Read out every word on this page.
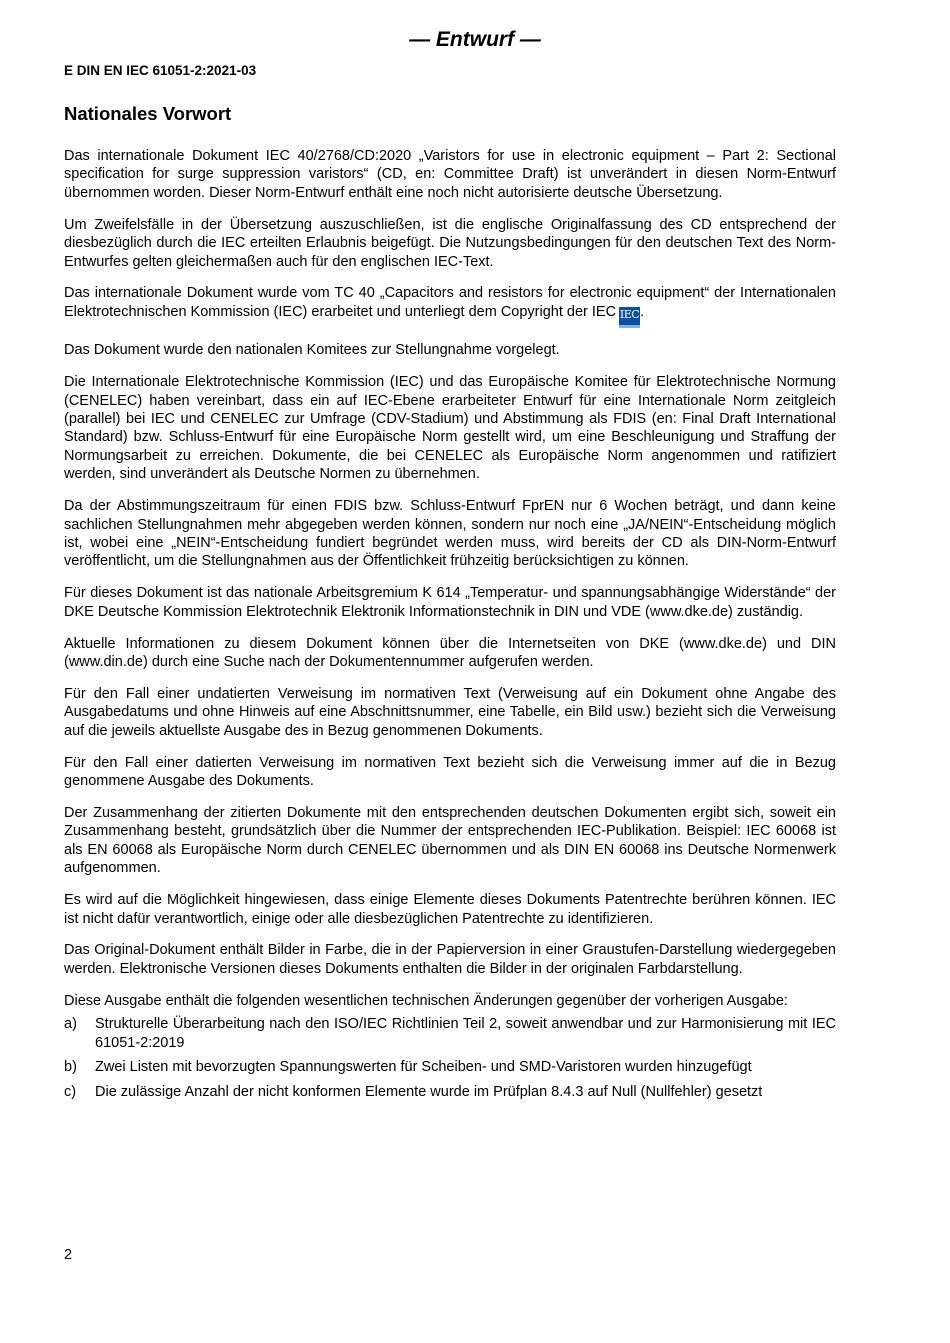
— Entwurf —
E DIN EN IEC 61051-2:2021-03
Nationales Vorwort

Das internationale Dokument IEC 40/2768/CD:2020 „Varistors for use in electronic equipment – Part 2: Sectional specification for surge suppression varistors“ (CD, en: Committee Draft) ist unverändert in diesen Norm-Entwurf übernommen worden. Dieser Norm-Entwurf enthält eine noch nicht autorisierte deutsche Übersetzung.

Um Zweifelsfälle in der Übersetzung auszuschließen, ist die englische Originalfassung des CD entsprechend der diesbezüglich durch die IEC erteilten Erlaubnis beigefügt. Die Nutzungsbedingungen für den deutschen Text des Norm-Entwurfes gelten gleichermaßen auch für den englischen IEC-Text.

Das internationale Dokument wurde vom TC 40 „Capacitors and resistors for electronic equipment“ der Internationalen Elektrotechnischen Kommission (IEC) erarbeitet und unterliegt dem Copyright der IEC IEC.

Das Dokument wurde den nationalen Komitees zur Stellungnahme vorgelegt.

Die Internationale Elektrotechnische Kommission (IEC) und das Europäische Komitee für Elektrotechnische Normung (CENELEC) haben vereinbart, dass ein auf IEC-Ebene erarbeiteter Entwurf für eine Internationale Norm zeitgleich (parallel) bei IEC und CENELEC zur Umfrage (CDV-Stadium) und Abstimmung als FDIS (en: Final Draft International Standard) bzw. Schluss-Entwurf für eine Europäische Norm gestellt wird, um eine Beschleunigung und Straffung der Normungsarbeit zu erreichen. Dokumente, die bei CENELEC als Europäische Norm angenommen und ratifiziert werden, sind unverändert als Deutsche Normen zu übernehmen.

Da der Abstimmungszeitraum für einen FDIS bzw. Schluss-Entwurf FprEN nur 6 Wochen beträgt, und dann keine sachlichen Stellungnahmen mehr abgegeben werden können, sondern nur noch eine „JA/NEIN“-Entscheidung möglich ist, wobei eine „NEIN“-Entscheidung fundiert begründet werden muss, wird bereits der CD als DIN-Norm-Entwurf veröffentlicht, um die Stellungnahmen aus der Öffentlichkeit frühzeitig berücksichtigen zu können.

Für dieses Dokument ist das nationale Arbeitsgremium K 614 „Temperatur- und spannungsabhängige Widerstände“ der DKE Deutsche Kommission Elektrotechnik Elektronik Informationstechnik in DIN und VDE (www.dke.de) zuständig.

Aktuelle Informationen zu diesem Dokument können über die Internetseiten von DKE (www.dke.de) und DIN (www.din.de) durch eine Suche nach der Dokumentennummer aufgerufen werden.

Für den Fall einer undatierten Verweisung im normativen Text (Verweisung auf ein Dokument ohne Angabe des Ausgabedatums und ohne Hinweis auf eine Abschnittsnummer, eine Tabelle, ein Bild usw.) bezieht sich die Verweisung auf die jeweils aktuellste Ausgabe des in Bezug genommenen Dokuments.

Für den Fall einer datierten Verweisung im normativen Text bezieht sich die Verweisung immer auf die in Bezug genommene Ausgabe des Dokuments.

Der Zusammenhang der zitierten Dokumente mit den entsprechenden deutschen Dokumenten ergibt sich, soweit ein Zusammenhang besteht, grundsätzlich über die Nummer der entsprechenden IEC-Publikation. Beispiel: IEC 60068 ist als EN 60068 als Europäische Norm durch CENELEC übernommen und als DIN EN 60068 ins Deutsche Normenwerk aufgenommen.

Es wird auf die Möglichkeit hingewiesen, dass einige Elemente dieses Dokuments Patentrechte berühren können. IEC ist nicht dafür verantwortlich, einige oder alle diesbezüglichen Patentrechte zu identifizieren.

Das Original-Dokument enthält Bilder in Farbe, die in der Papierversion in einer Graustufen-Darstellung wiedergegeben werden. Elektronische Versionen dieses Dokuments enthalten die Bilder in der originalen Farbdarstellung.

Diese Ausgabe enthält die folgenden wesentlichen technischen Änderungen gegenüber der vorherigen Ausgabe:

a)	Strukturelle Überarbeitung nach den ISO/IEC Richtlinien Teil 2, soweit anwendbar und zur Harmonisierung mit IEC 61051-2:2019
b)	Zwei Listen mit bevorzugten Spannungswerten für Scheiben- und SMD-Varistoren wurden hinzugefügt
c)	Die zulässige Anzahl der nicht konformen Elemente wurde im Prüfplan 8.4.3 auf Null (Nullfehler) gesetzt
2
